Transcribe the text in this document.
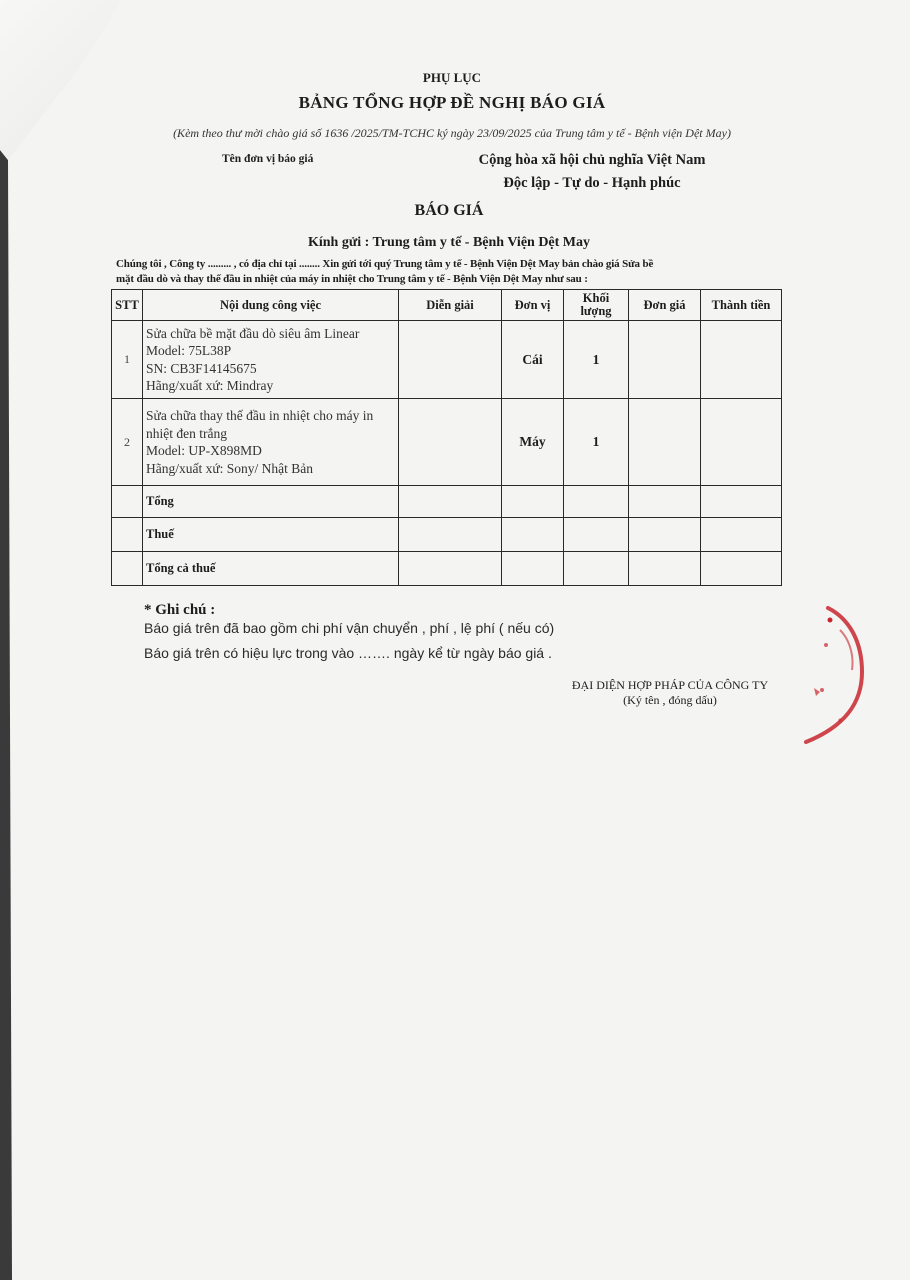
PHỤ LỤC
BẢNG TỔNG HỢP ĐỀ NGHỊ BÁO GIÁ
(Kèm theo thư mời chào giá số 1636 /2025/TM-TCHC ký ngày 23/09/2025 của Trung tâm y tế - Bệnh viện Dệt May)
Tên đơn vị báo giá	Cộng hòa xã hội chủ nghĩa Việt Nam
Độc lập - Tự do - Hạnh phúc
BÁO GIÁ
Kính gửi : Trung tâm y tế - Bệnh Viện Dệt May
Chúng tôi , Công ty ......... , có địa chỉ tại ........ Xin gửi tới quý Trung tâm y tế - Bệnh Viện Dệt May bản chào giá Sửa bề
mặt đầu dò và thay thế đầu in nhiệt của máy in nhiệt cho Trung tâm y tế - Bệnh Viện Dệt May như sau :
STT	Nội dung công việc	Diễn giải	Đơn vị	Khối lượng	Đơn giá	Thành tiền
1	Sửa chữa bề mặt đầu dò siêu âm Linear
Model: 75L38P
SN: CB3F14145675
Hãng/xuất xứ: Mindray		Cái	1		
2	Sửa chữa thay thế đầu in nhiệt cho máy in
nhiệt đen trắng
Model: UP-X898MD
Hãng/xuất xứ: Sony/ Nhật Bản		Máy	1		
	Tổng					
	Thuế					
	Tổng cả thuế					
* Ghi chú :
Báo giá trên đã bao gồm chi phí vận chuyển , phí , lệ phí ( nếu có)
Báo giá trên có hiệu lực trong vào ……. ngày kể từ ngày báo giá .
ĐẠI DIỆN HỢP PHÁP CỦA CÔNG TY
(Ký tên , đóng dấu)
